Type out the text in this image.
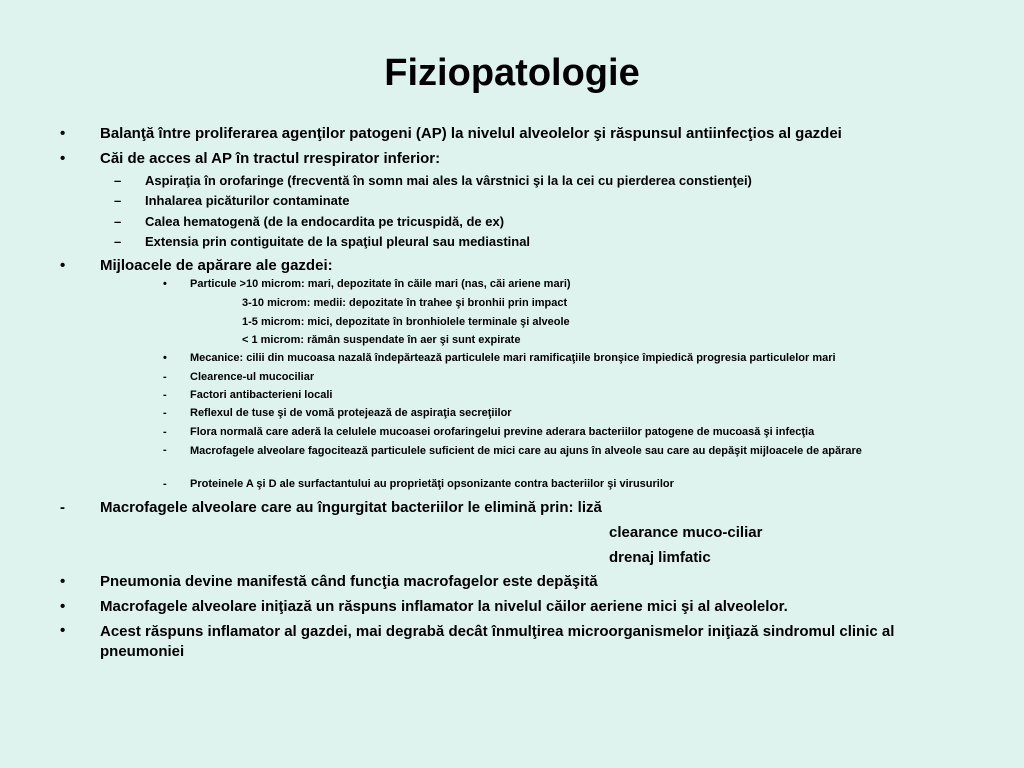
Fiziopatologie
• Balanţă între proliferarea agenţilor patogeni (AP) la nivelul alveolelor şi răspunsul antiinfecţios al gazdei
• Căi de acces al AP în tractul rrespirator inferior:
– Aspiraţia în orofaringe (frecventă în somn mai ales la vârstnici şi la la cei cu pierderea constienţei)
– Inhalarea picăturilor contaminate
– Calea hematogenă (de la endocardita pe tricuspidă, de ex)
– Extensia prin contiguitate de la spaţiul pleural sau mediastinal
• Mijloacele de apărare ale gazdei:
• Particule >10 microm: mari, depozitate în căile mari (nas, căi ariene mari)
3-10 microm: medii: depozitate în trahee şi bronhii prin impact
1-5 microm: mici, depozitate în bronhiolele terminale şi alveole
< 1 microm: rămân suspendate în aer şi sunt expirate
• Mecanice: cilii din mucoasa nazală îndepărtează particulele mari ramificaţiile bronşice împiedică progresia particulelor mari
- Clearence-ul mucociliar
- Factori antibacterieni locali
- Reflexul de tuse şi de vomă protejează de aspiraţia secreţiilor
- Flora normală care aderă la celulele mucoasei orofaringelui previne aderara bacteriilor patogene de mucoasă şi infecţia
- Macrofagele alveolare fagocitează particulele suficient de mici care au ajuns în alveole sau care au depăşit mijloacele de apărare
- Proteinele A şi D ale surfactantului au proprietăţi opsonizante contra bacteriilor şi virusurilor
- Macrofagele alveolare care au îngurgitat bacteriilor le elimină prin: liză
clearance muco-ciliar
drenaj limfatic
• Pneumonia devine manifestă când funcţia macrofagelor este depăşită
• Macrofagele alveolare iniţiază un răspuns inflamator la nivelul căilor aeriene mici şi al alveolelor.
• Acest răspuns inflamator al gazdei, mai degrabă decât înmulţirea microorganismelor iniţiază sindromul clinic al pneumoniei
